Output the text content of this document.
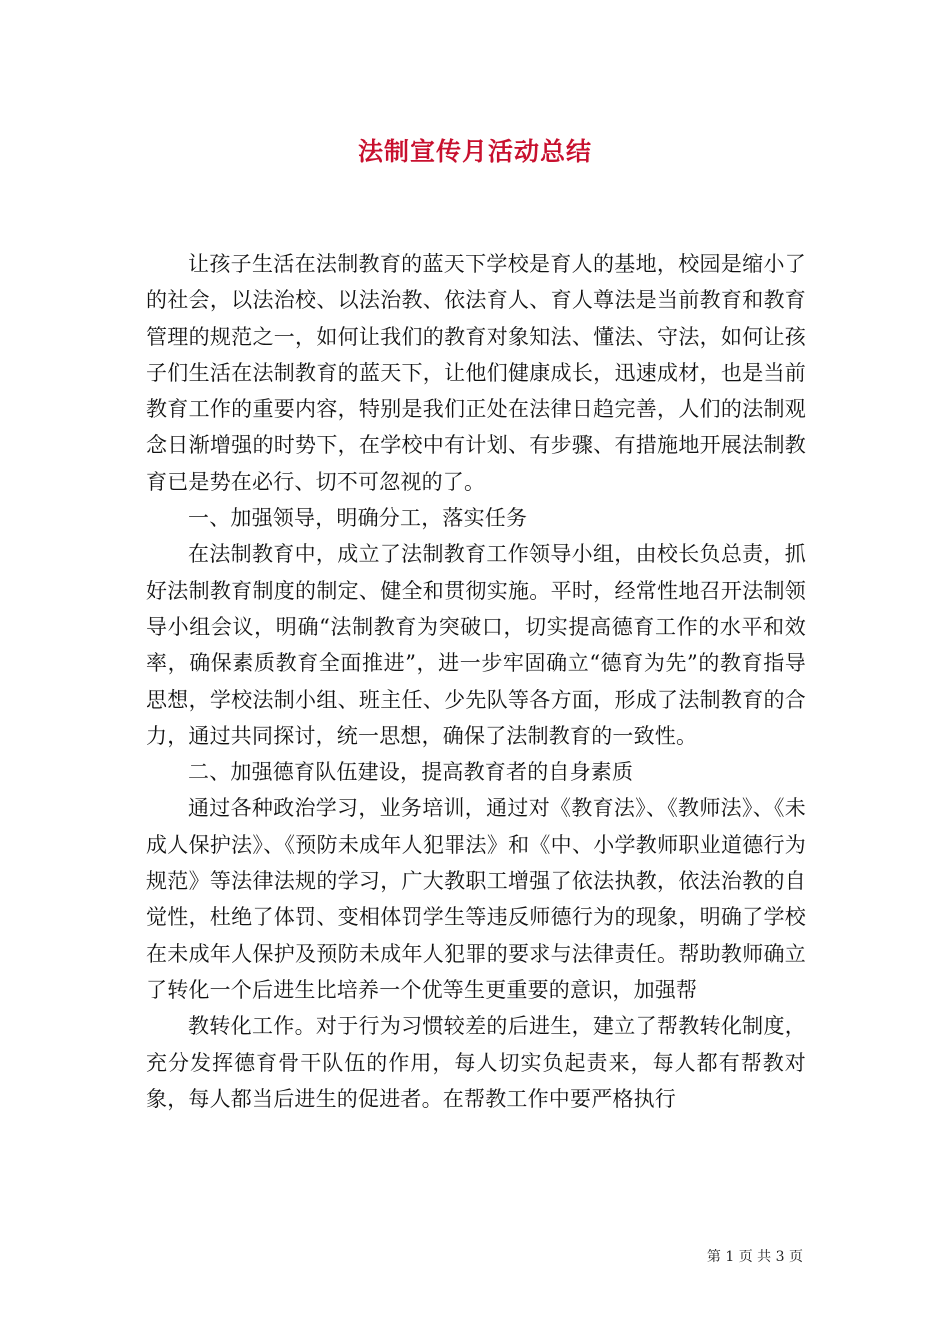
法制宣传月活动总结

让孩子生活在法制教育的蓝天下学校是育人的基地，校园是缩小了的社会，以法治校、以法治教、依法育人、育人尊法是当前教育和教育管理的规范之一，如何让我们的教育对象知法、懂法、守法，如何让孩子们生活在法制教育的蓝天下，让他们健康成长，迅速成材，也是当前教育工作的重要内容，特别是我们正处在法律日趋完善，人们的法制观念日渐增强的时势下，在学校中有计划、有步骤、有措施地开展法制教育已是势在必行、切不可忽视的了。

一、加强领导，明确分工，落实任务

在法制教育中，成立了法制教育工作领导小组，由校长负总责，抓好法制教育制度的制定、健全和贯彻实施。平时，经常性地召开法制领导小组会议，明确“法制教育为突破口，切实提高德育工作的水平和效率，确保素质教育全面推进”，进一步牢固确立“德育为先”的教育指导思想，学校法制小组、班主任、少先队等各方面，形成了法制教育的合力，通过共同探讨，统一思想，确保了法制教育的一致性。

二、加强德育队伍建设，提高教育者的自身素质

通过各种政治学习，业务培训，通过对《教育法》、《教师法》、《未成人保护法》、《预防未成年人犯罪法》和《中、小学教师职业道德行为规范》等法律法规的学习，广大教职工增强了依法执教，依法治教的自觉性，杜绝了体罚、变相体罚学生等违反师德行为的现象，明确了学校在未成年人保护及预防未成年人犯罪的要求与法律责任。帮助教师确立了转化一个后进生比培养一个优等生更重要的意识，加强帮

教转化工作。对于行为习惯较差的后进生，建立了帮教转化制度，充分发挥德育骨干队伍的作用，每人切实负起责来，每人都有帮教对象，每人都当后进生的促进者。在帮教工作中要严格执行

第 1 页 共 3 页
